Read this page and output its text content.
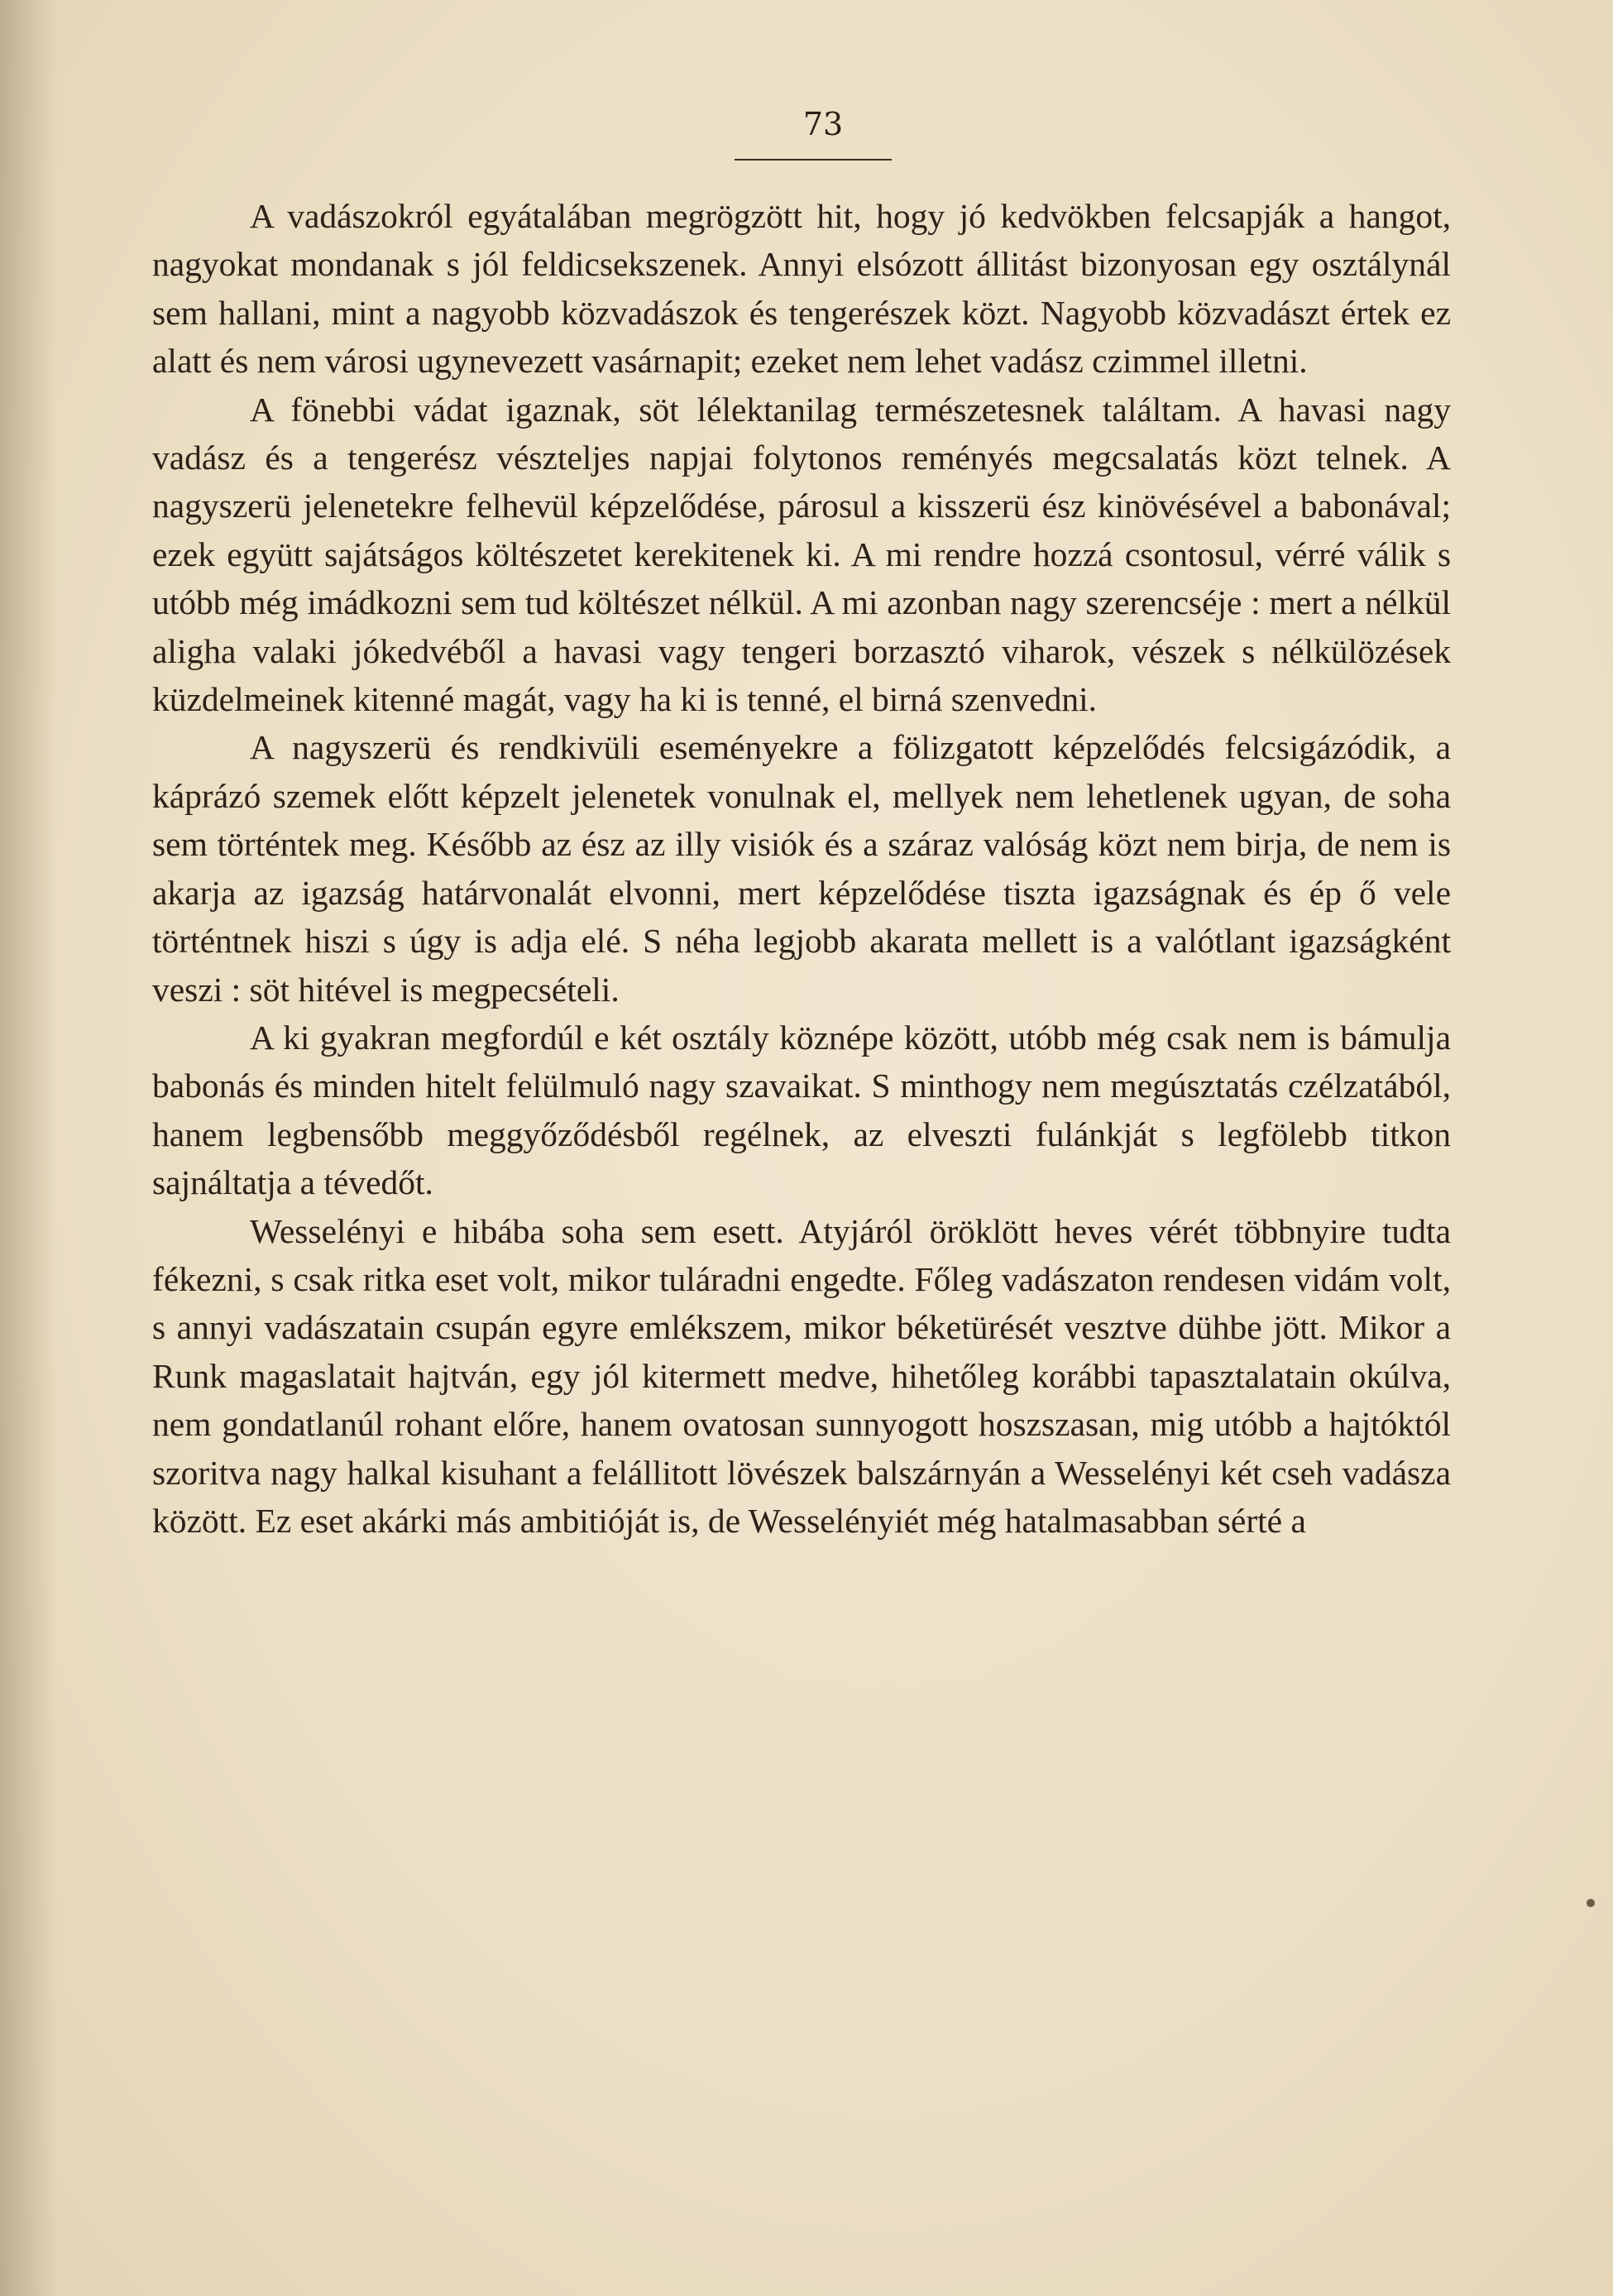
73

A vadászokról egyátalában megrögzött hit, hogy jó kedvökben felcsapják a hangot, nagyokat mondanak s jól feldicsekszenek. Annyi elsózott állitást bizonyosan egy osztálynál sem hallani, mint a nagyobb közvadászok és tengerészek közt. Nagyobb közvadászt értek ez alatt és nem városi ugynevezett vasárnapit; ezeket nem lehet vadász czimmel illetni.

A fönebbi vádat igaznak, söt lélektanilag természetesnek találtam. A havasi nagy vadász és a tengerész vészteljes napjai folytonos reményés megcsalatás közt telnek. A nagyszerü jelenetekre felhevül képzelődése, párosul a kisszerü ész kinövésével a babonával; ezek együtt sajátságos költészetet kerekitenek ki. A mi rendre hozzá csontosul, vérré válik s utóbb még imádkozni sem tud költészet nélkül. A mi azonban nagy szerencséje : mert a nélkül aligha valaki jókedvéből a havasi vagy tengeri borzasztó viharok, vészek s nélkülözések küzdelmeinek kitenné magát, vagy ha ki is tenné, el birná szenvedni.

A nagyszerü és rendkivüli eseményekre a fölizgatott képzelődés felcsigázódik, a káprázó szemek előtt képzelt jelenetek vonulnak el, mellyek nem lehetlenek ugyan, de soha sem történtek meg. Később az ész az illy visiók és a száraz valóság közt nem birja, de nem is akarja az igazság határvonalát elvonni, mert képzelődése tiszta igazságnak és ép ő vele történtnek hiszi s úgy is adja elé. S néha legjobb akarata mellett is a valótlant igazságként veszi : söt hitével is megpecsételi.

A ki gyakran megfordúl e két osztály köznépe között, utóbb még csak nem is bámulja babonás és minden hitelt felülmuló nagy szavaikat. S minthogy nem megúsztatás czélzatából, hanem legbensőbb meggyőződésből regélnek, az elveszti fulánkját s legfölebb titkon sajnáltatja a tévedőt.

Wesselényi e hibába soha sem esett. Atyjáról öröklött heves vérét többnyire tudta fékezni, s csak ritka eset volt, mikor tuláradni engedte. Főleg vadászaton rendesen vidám volt, s annyi vadászatain csupán egyre emlékszem, mikor béketürését vesztve dühbe jött. Mikor a Runk magaslatait hajtván, egy jól kitermett medve, hihetőleg korábbi tapasztalatain okúlva, nem gondatlanúl rohant előre, hanem ovatosan sunnyogott hoszszasan, mig utóbb a hajtóktól szoritva nagy halkal kisuhant a felállitott lövészek balszárnyán a Wesselényi két cseh vadásza között. Ez eset akárki más ambitióját is, de Wesselényiét még hatalmasabban sérté a
